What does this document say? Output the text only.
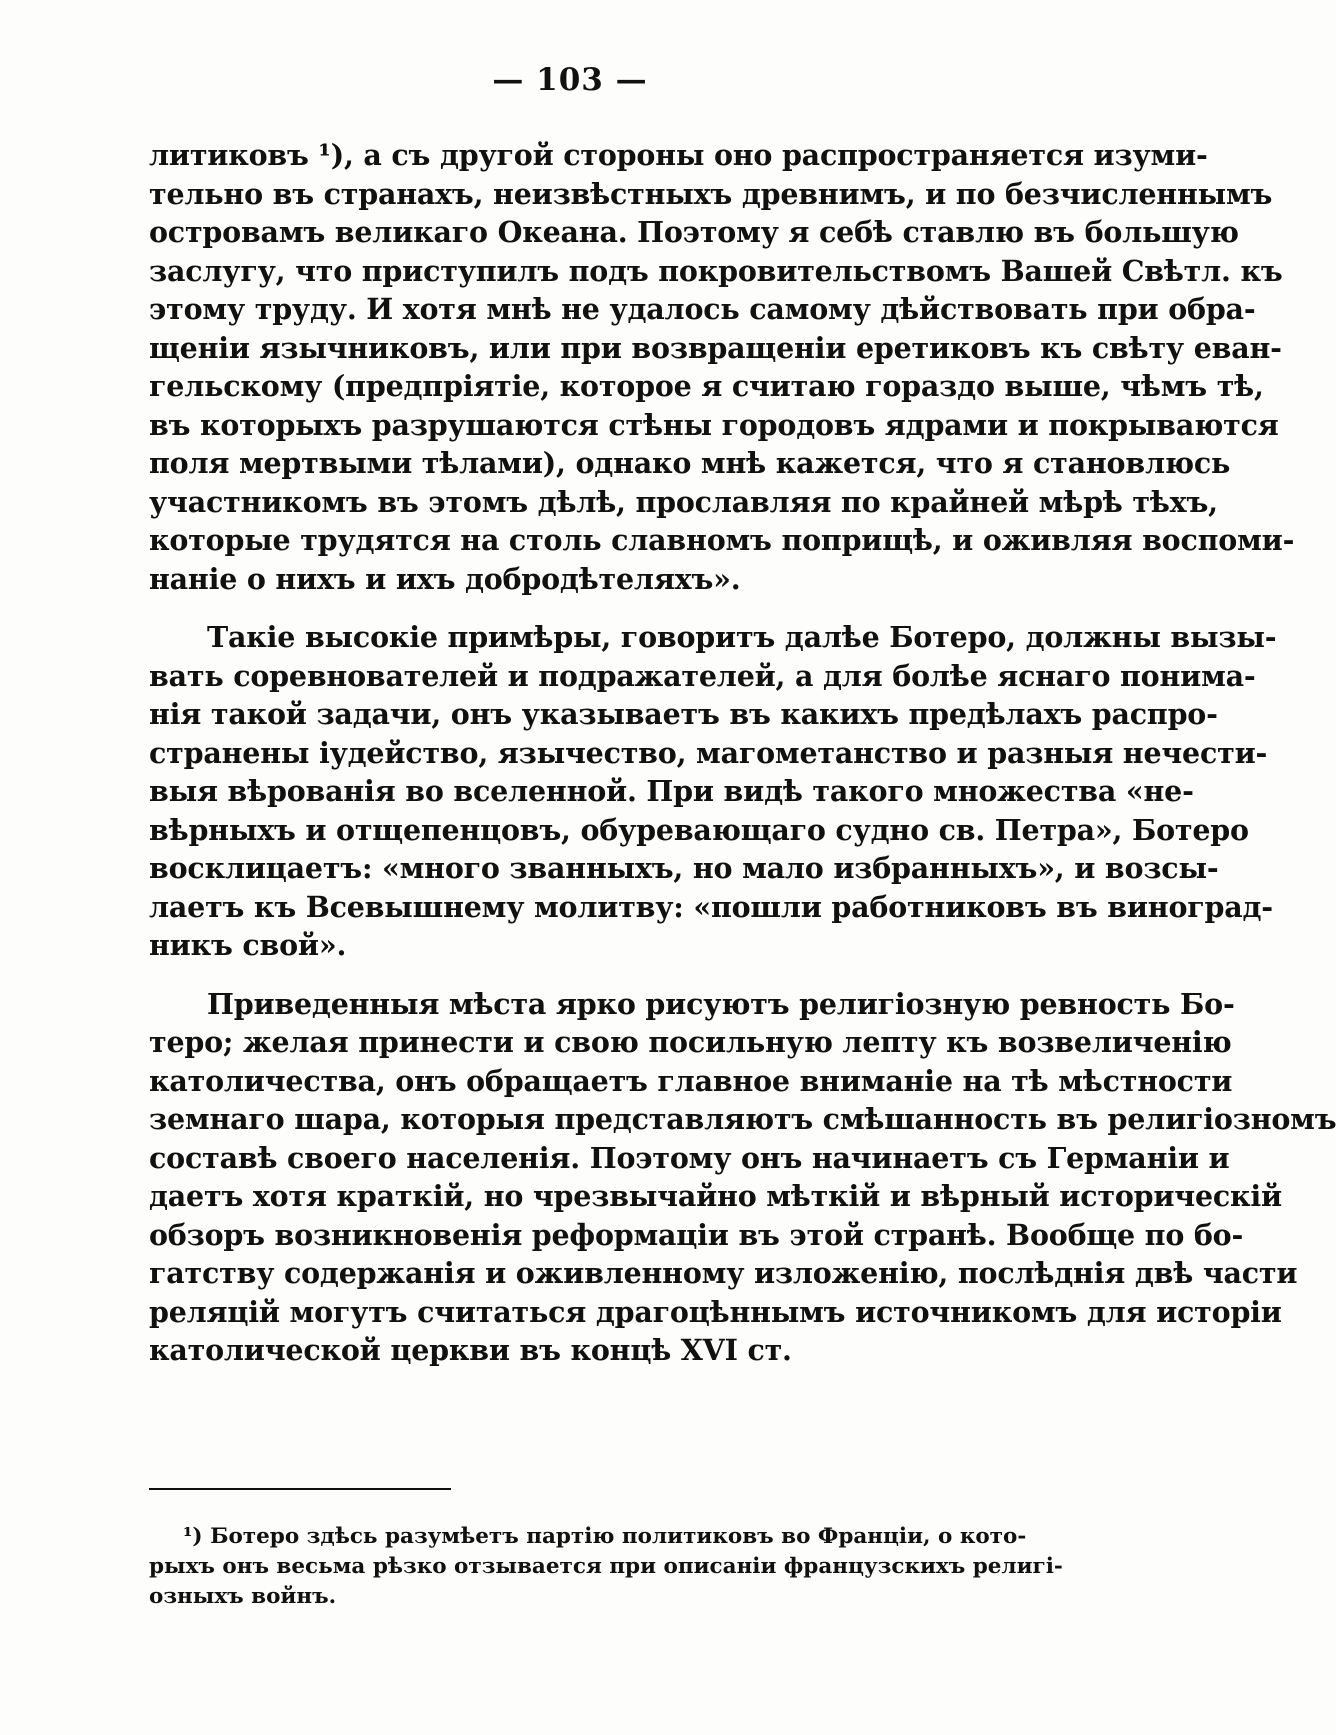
— 103 —
литиковъ ¹), а съ другой стороны оно распространяется изуми-
тельно въ странахъ, неизвѣстныхъ древнимъ, и по безчисленнымъ
островамъ великаго Океана. Поэтому я себѣ ставлю въ большую
заслугу, что приступилъ подъ покровительствомъ Вашей Свѣтл. къ
этому труду. И хотя мнѣ не удалось самому дѣйствовать при обра-
щеніи язычниковъ, или при возвращеніи еретиковъ къ свѣту еван-
гельскому (предпріятіе, которое я считаю гораздо выше, чѣмъ тѣ,
въ которыхъ разрушаются стѣны городовъ ядрами и покрываются
поля мертвыми тѣлами), однако мнѣ кажется, что я становлюсь
участникомъ въ этомъ дѣлѣ, прославляя по крайней мѣрѣ тѣхъ,
которые трудятся на столь славномъ поприщѣ, и оживляя воспоми-
наніе о нихъ и ихъ добродѣтеляхъ».
Такіе высокіе примѣры, говоритъ далѣе Ботеро, должны вызы-
вать соревнователей и подражателей, а для болѣе яснаго понима-
нія такой задачи, онъ указываетъ въ какихъ предѣлахъ распро-
странены іудейство, язычество, магометанство и разныя нечести-
выя вѣрованія во вселенной. При видѣ такого множества «не-
вѣрныхъ и отщепенцовъ, обуревающаго судно св. Петра», Ботеро
восклицаетъ: «много званныхъ, но мало избранныхъ», и возсы-
лаетъ къ Всевышнему молитву: «пошли работниковъ въ виноград-
никъ свой».
Приведенныя мѣста ярко рисуютъ религіозную ревность Бо-
теро; желая принести и свою посильную лепту къ возвеличенію
католичества, онъ обращаетъ главное вниманіе на тѣ мѣстности
земнаго шара, которыя представляютъ смѣшанность въ религіозномъ
составѣ своего населенія. Поэтому онъ начинаетъ съ Германіи и
даетъ хотя краткій, но чрезвычайно мѣткій и вѣрный историческій
обзоръ возникновенія реформаціи въ этой странѣ. Вообще по бо-
гатству содержанія и оживленному изложенію, послѣднія двѣ части
реляцій могутъ считаться драгоцѣннымъ источникомъ для исторіи
католической церкви въ концѣ XVI ст.
¹) Ботеро здѣсь разумѣетъ партію политиковъ во Франціи, о кото-
рыхъ онъ весьма рѣзко отзывается при описаніи французскихъ религі-
озныхъ войнъ.
